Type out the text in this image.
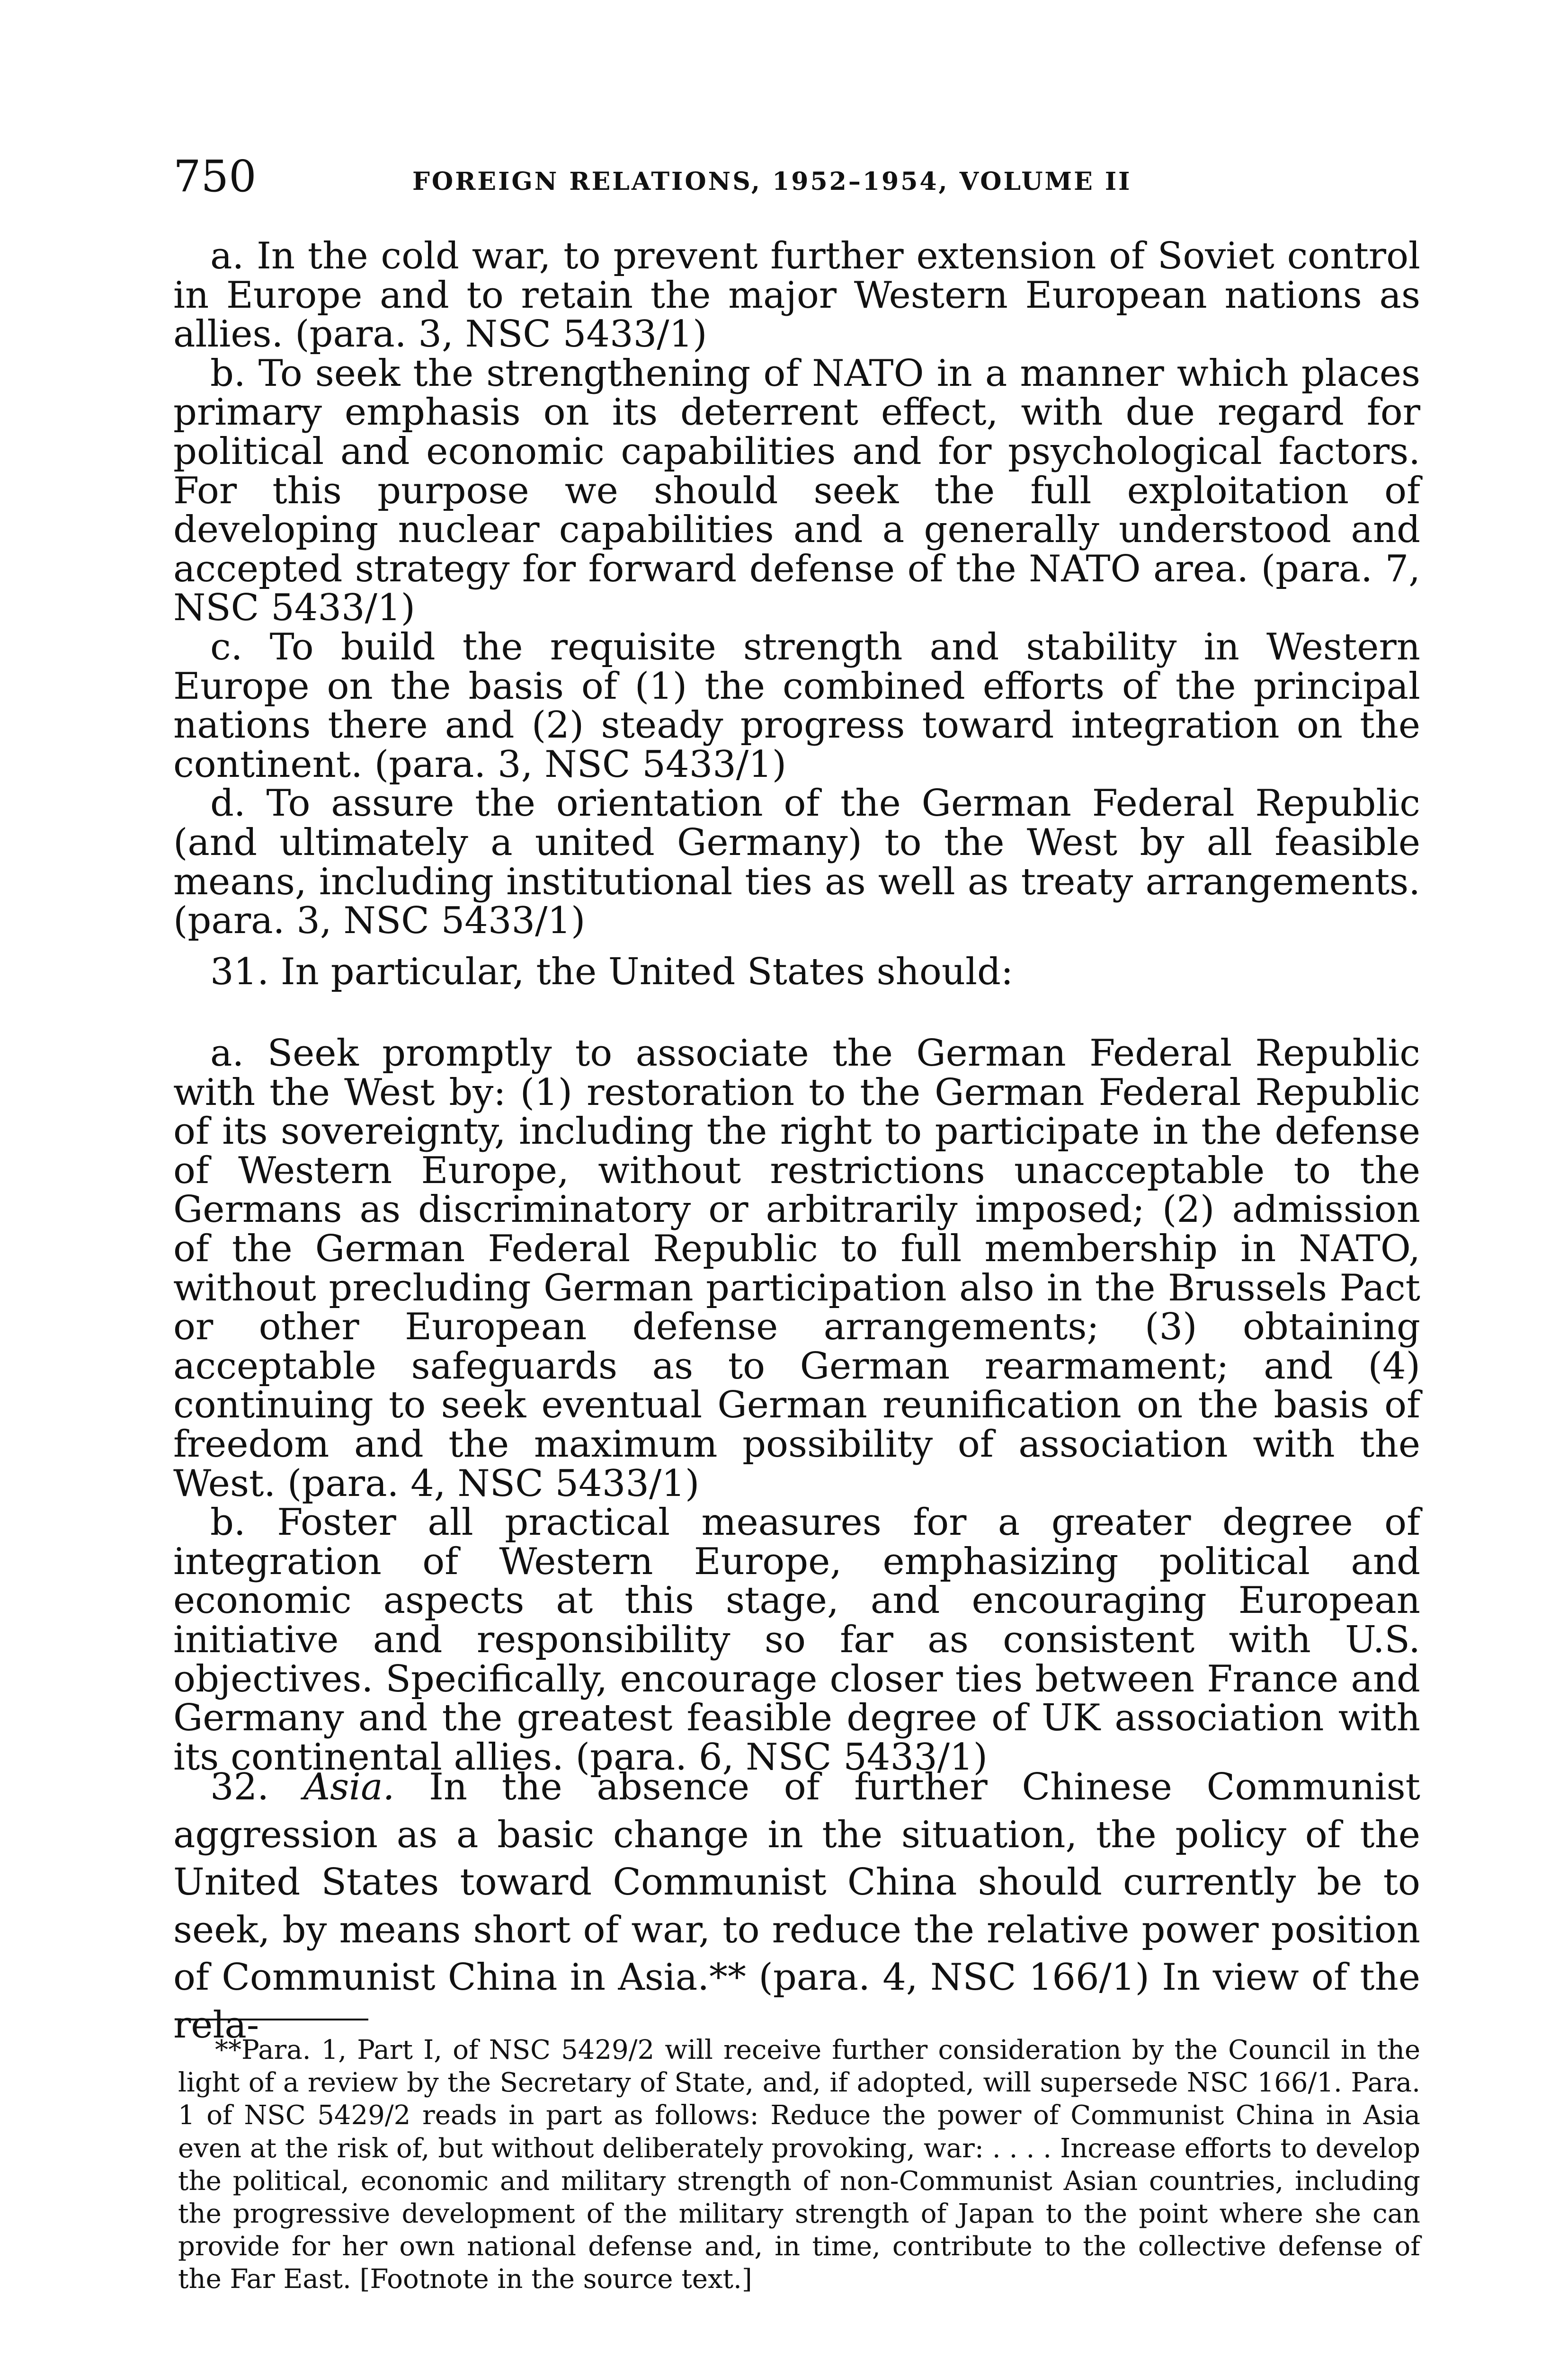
750	FOREIGN RELATIONS, 1952–1954, VOLUME II

a. In the cold war, to prevent further extension of Soviet control in Europe and to retain the major Western European nations as allies. (para. 3, NSC 5433/1)

b. To seek the strengthening of NATO in a manner which places primary emphasis on its deterrent effect, with due regard for political and economic capabilities and for psychological factors. For this purpose we should seek the full exploitation of developing nuclear capabilities and a generally understood and accepted strategy for forward defense of the NATO area. (para. 7, NSC 5433/1)

c. To build the requisite strength and stability in Western Europe on the basis of (1) the combined efforts of the principal nations there and (2) steady progress toward integration on the continent. (para. 3, NSC 5433/1)

d. To assure the orientation of the German Federal Republic (and ultimately a united Germany) to the West by all feasible means, including institutional ties as well as treaty arrangements. (para. 3, NSC 5433/1)

31. In particular, the United States should:

a. Seek promptly to associate the German Federal Republic with the West by: (1) restoration to the German Federal Republic of its sovereignty, including the right to participate in the defense of Western Europe, without restrictions unacceptable to the Germans as discriminatory or arbitrarily imposed; (2) admission of the German Federal Republic to full membership in NATO, without precluding German participation also in the Brussels Pact or other European defense arrangements; (3) obtaining acceptable safeguards as to German rearmament; and (4) continuing to seek eventual German reunification on the basis of freedom and the maximum possibility of association with the West. (para. 4, NSC 5433/1)

b. Foster all practical measures for a greater degree of integration of Western Europe, emphasizing political and economic aspects at this stage, and encouraging European initiative and responsibility so far as consistent with U.S. objectives. Specifically, encourage closer ties between France and Germany and the greatest feasible degree of UK association with its continental allies. (para. 6, NSC 5433/1)

32. Asia. In the absence of further Chinese Communist aggression as a basic change in the situation, the policy of the United States toward Communist China should currently be to seek, by means short of war, to reduce the relative power position of Communist China in Asia.** (para. 4, NSC 166/1) In view of the rela-

**Para. 1, Part I, of NSC 5429/2 will receive further consideration by the Council in the light of a review by the Secretary of State, and, if adopted, will supersede NSC 166/1. Para. 1 of NSC 5429/2 reads in part as follows: Reduce the power of Communist China in Asia even at the risk of, but without deliberately provoking, war: . . . . Increase efforts to develop the political, economic and military strength of non-Communist Asian countries, including the progressive development of the military strength of Japan to the point where she can provide for her own national defense and, in time, contribute to the collective defense of the Far East. [Footnote in the source text.]
